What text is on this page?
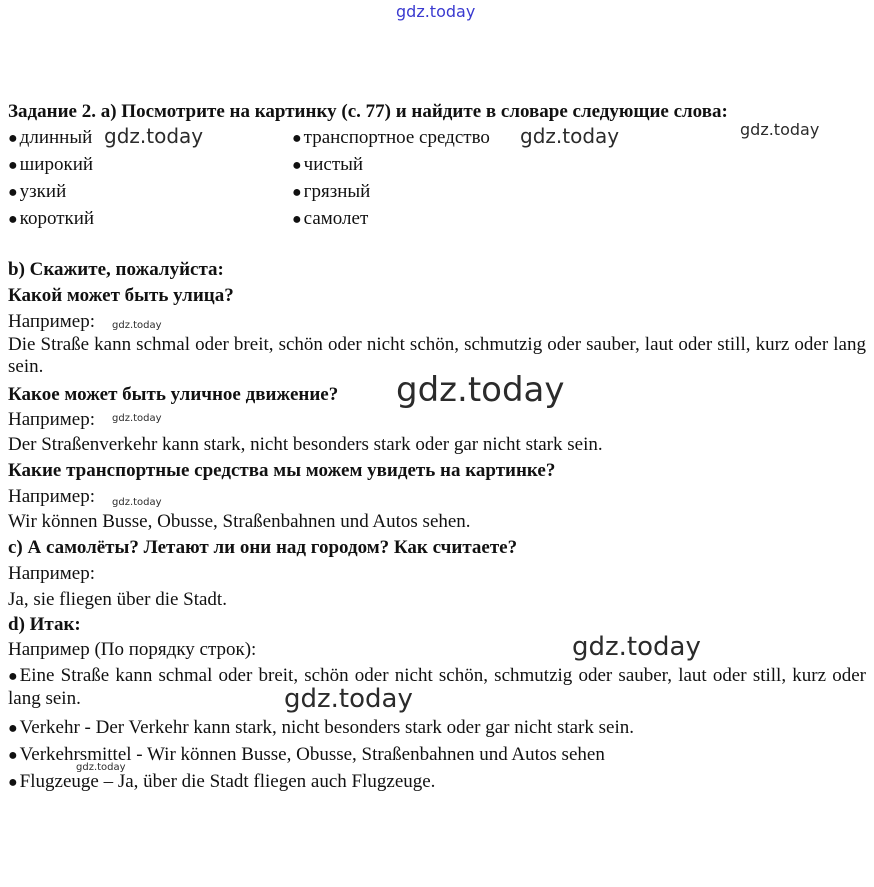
Задание 2. а) Посмотрите на картинку (с. 77) и найдите в словаре следующие слова:
● длинный
● широкий
● узкий
● короткий
● транспортное средство
● чистый
● грязный
● самолет
b) Скажите, пожалуйста:
Какой может быть улица?
Например:
Die Straße kann schmal oder breit, schön oder nicht schön, schmutzig oder sauber, laut oder still, kurz oder lang sein.
Какое может быть уличное движение?
Например:
Der Straßenverkehr kann stark, nicht besonders stark oder gar nicht stark sein.
Какие транспортные средства мы можем увидеть на картинке?
Например:
Wir können Busse, Obusse, Straßenbahnen und Autos sehen.
c) А самолёты? Летают ли они над городом? Как считаете?
Например:
Ja, sie fliegen über die Stadt.
d) Итак:
Например (По порядку строк):
● Eine Straße kann schmal oder breit, schön oder nicht schön, schmutzig oder sauber, laut oder still, kurz oder lang sein.
● Verkehr - Der Verkehr kann stark, nicht besonders stark oder gar nicht stark sein.
● Verkehrsmittel - Wir können Busse, Obusse, Straßenbahnen und Autos sehen
● Flugzeuge – Ja, über die Stadt fliegen auch Flugzeuge.
gdz.today
gdz.today	gdz.today	gdz.today
gdz.today
gdz.today
gdz.today
gdz.today
gdz.today
gdz.today
gdz.today
